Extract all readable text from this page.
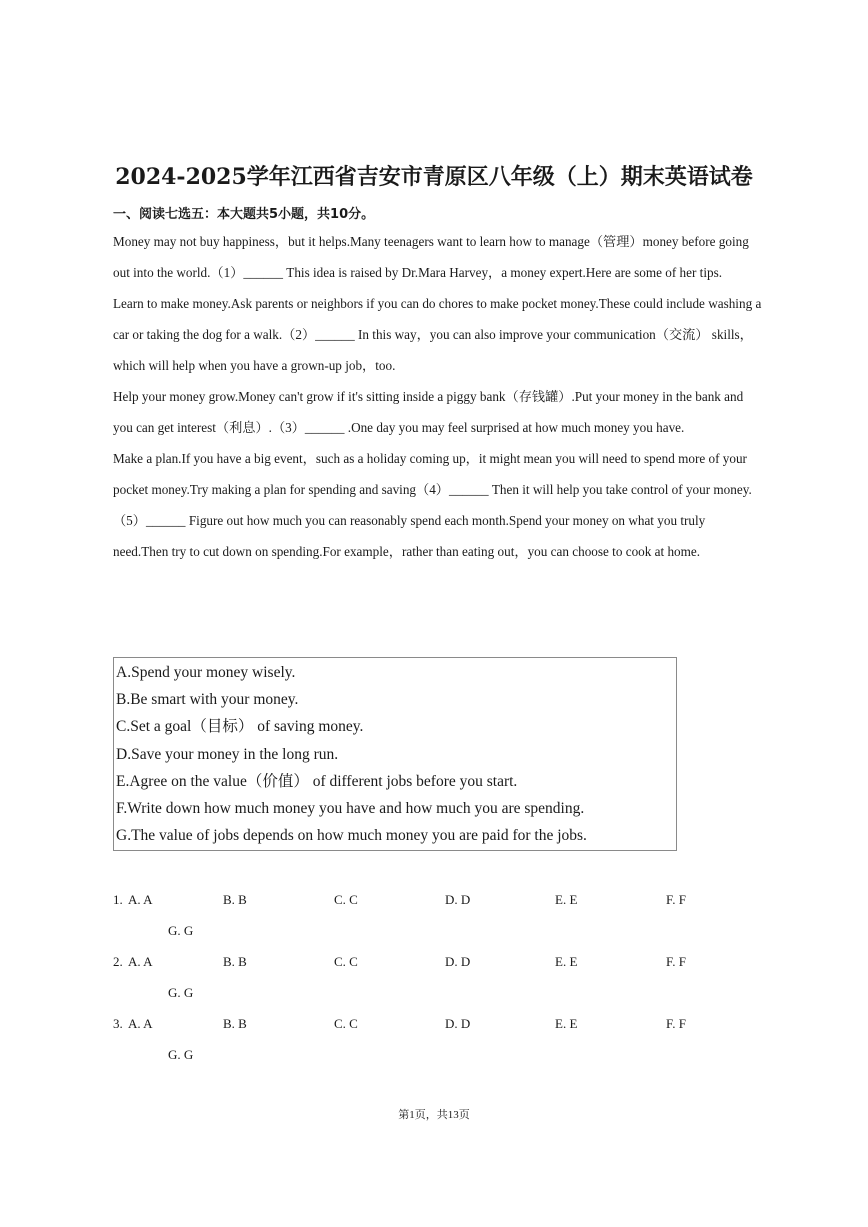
2024-2025学年江西省吉安市青原区八年级（上）期末英语试卷
一、阅读七选五：本大题共5小题，共10分。

Money may not buy happiness，but it helps.Many teenagers want to learn how to manage（管理）money before going out into the world.（1）______ This idea is raised by Dr.Mara Harvey，a money expert.Here are some of her tips.

Learn to make money.Ask parents or neighbors if you can do chores to make pocket money.These could include washing a car or taking the dog for a walk.（2）______ In this way，you can also improve your communication（交流） skills，which will help when you have a grown-up job，too.

Help your money grow.Money can't grow if it's sitting inside a piggy bank（存钱罐）.Put your money in the bank and you can get interest（利息）.（3）______ .One day you may feel surprised at how much money you have.

Make a plan.If you have a big event，such as a holiday coming up，it might mean you will need to spend more of your pocket money.Try making a plan for spending and saving（4）______ Then it will help you take control of your money.

（5）______ Figure out how much you can reasonably spend each month.Spend your money on what you truly need.Then try to cut down on spending.For example，rather than eating out，you can choose to cook at home.

A.Spend your money wisely.
B.Be smart with your money.
C.Set a goal（目标） of saving money.
D.Save your money in the long run.
E.Agree on the value（价值） of different jobs before you start.
F.Write down how much money you have and how much you are spending.
G.The value of jobs depends on how much money you are paid for the jobs.
1. A. A	B. B	C. C	D. D	E. E	F. F
G. G
2. A. A	B. B	C. C	D. D	E. E	F. F
G. G
3. A. A	B. B	C. C	D. D	E. E	F. F
G. G
第1页，共13页
